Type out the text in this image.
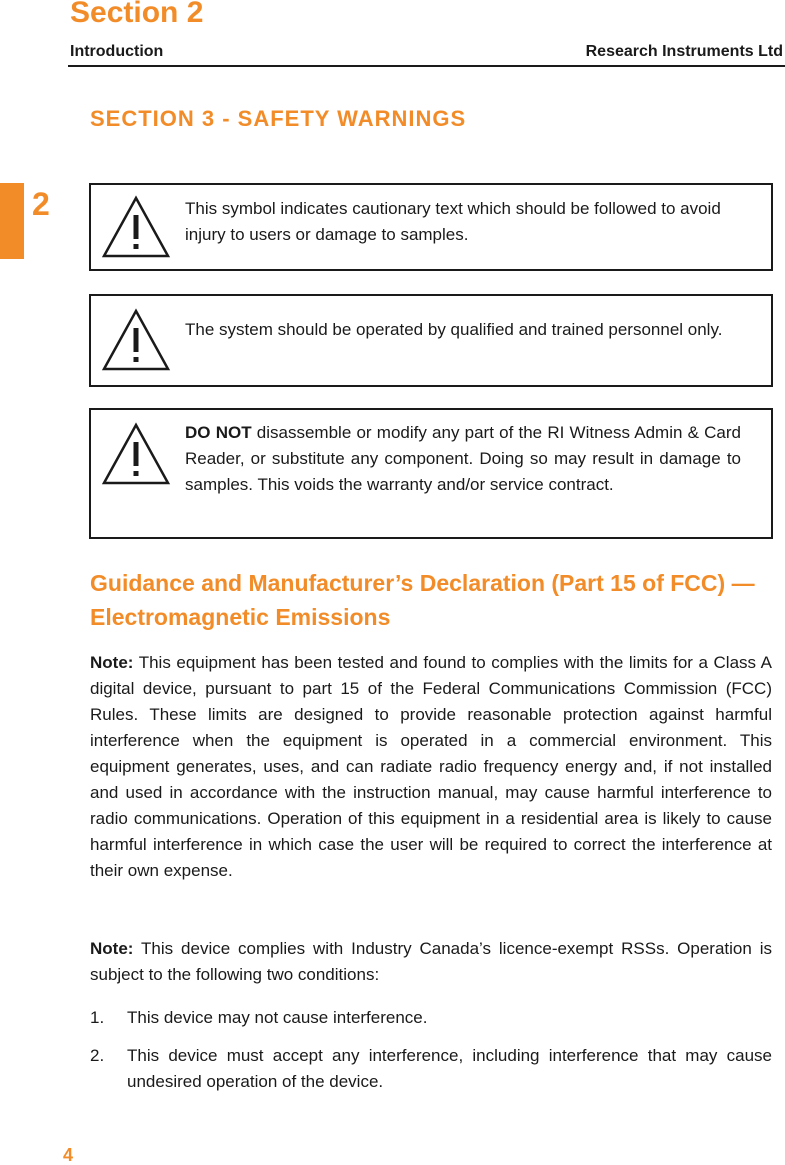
Section 2
Introduction	Research Instruments Ltd
2
SECTION 3 - SAFETY WARNINGS
This symbol indicates cautionary text which should be followed to avoid injury to users or damage to samples.
The system should be operated by qualified and trained personnel only.
DO NOT disassemble or modify any part of the RI Witness Admin & Card Reader, or substitute any component. Doing so may result in damage to samples. This voids the warranty and/or service contract.
Guidance and Manufacturer’s Declaration (Part 15 of FCC) — Electromagnetic Emissions
Note: This equipment has been tested and found to complies with the limits for a Class A digital device, pursuant to part 15 of the Federal Communications Commission (FCC) Rules. These limits are designed to provide reasonable protection against harmful interference when the equipment is operated in a commercial environment. This equipment generates, uses, and can radiate radio frequency energy and, if not installed and used in accordance with the instruction manual, may cause harmful interference to radio communications. Operation of this equipment in a residential area is likely to cause harmful interference in which case the user will be required to correct the interference at their own expense.
Note: This device complies with Industry Canada’s licence-exempt RSSs. Operation is subject to the following two conditions:
1. This device may not cause interference.
2. This device must accept any interference, including interference that may cause undesired operation of the device.
4
